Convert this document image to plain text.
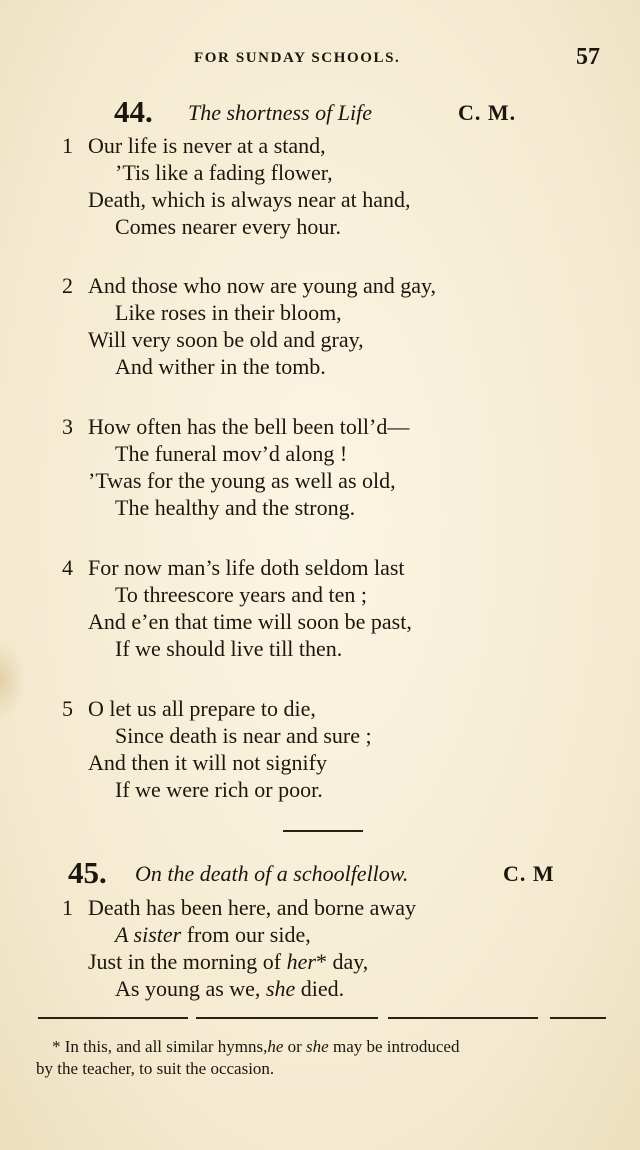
FOR SUNDAY SCHOOLS.	57
44. The shortness of Life	C. M.
1 Our life is never at a stand,
’Tis like a fading flower,
Death, which is always near at hand,
Comes nearer every hour.
2 And those who now are young and gay,
Like roses in their bloom,
Will very soon be old and gray,
And wither in the tomb.
3 How often has the bell been toll’d—
The funeral mov’d along !
’Twas for the young as well as old,
The healthy and the strong.
4 For now man’s life doth seldom last
To threescore years and ten ;
And e’en that time will soon be past,
If we should live till then.
5 O let us all prepare to die,
Since death is near and sure ;
And then it will not signify
If we were rich or poor.
45. On the death of a schoolfellow.	C. M
1 Death has been here, and borne away
A sister from our side,
Just in the morning of her* day,
As young as we, she died.
* In this, and all similar hymns,he or she may be introduced
by the teacher, to suit the occasion.
